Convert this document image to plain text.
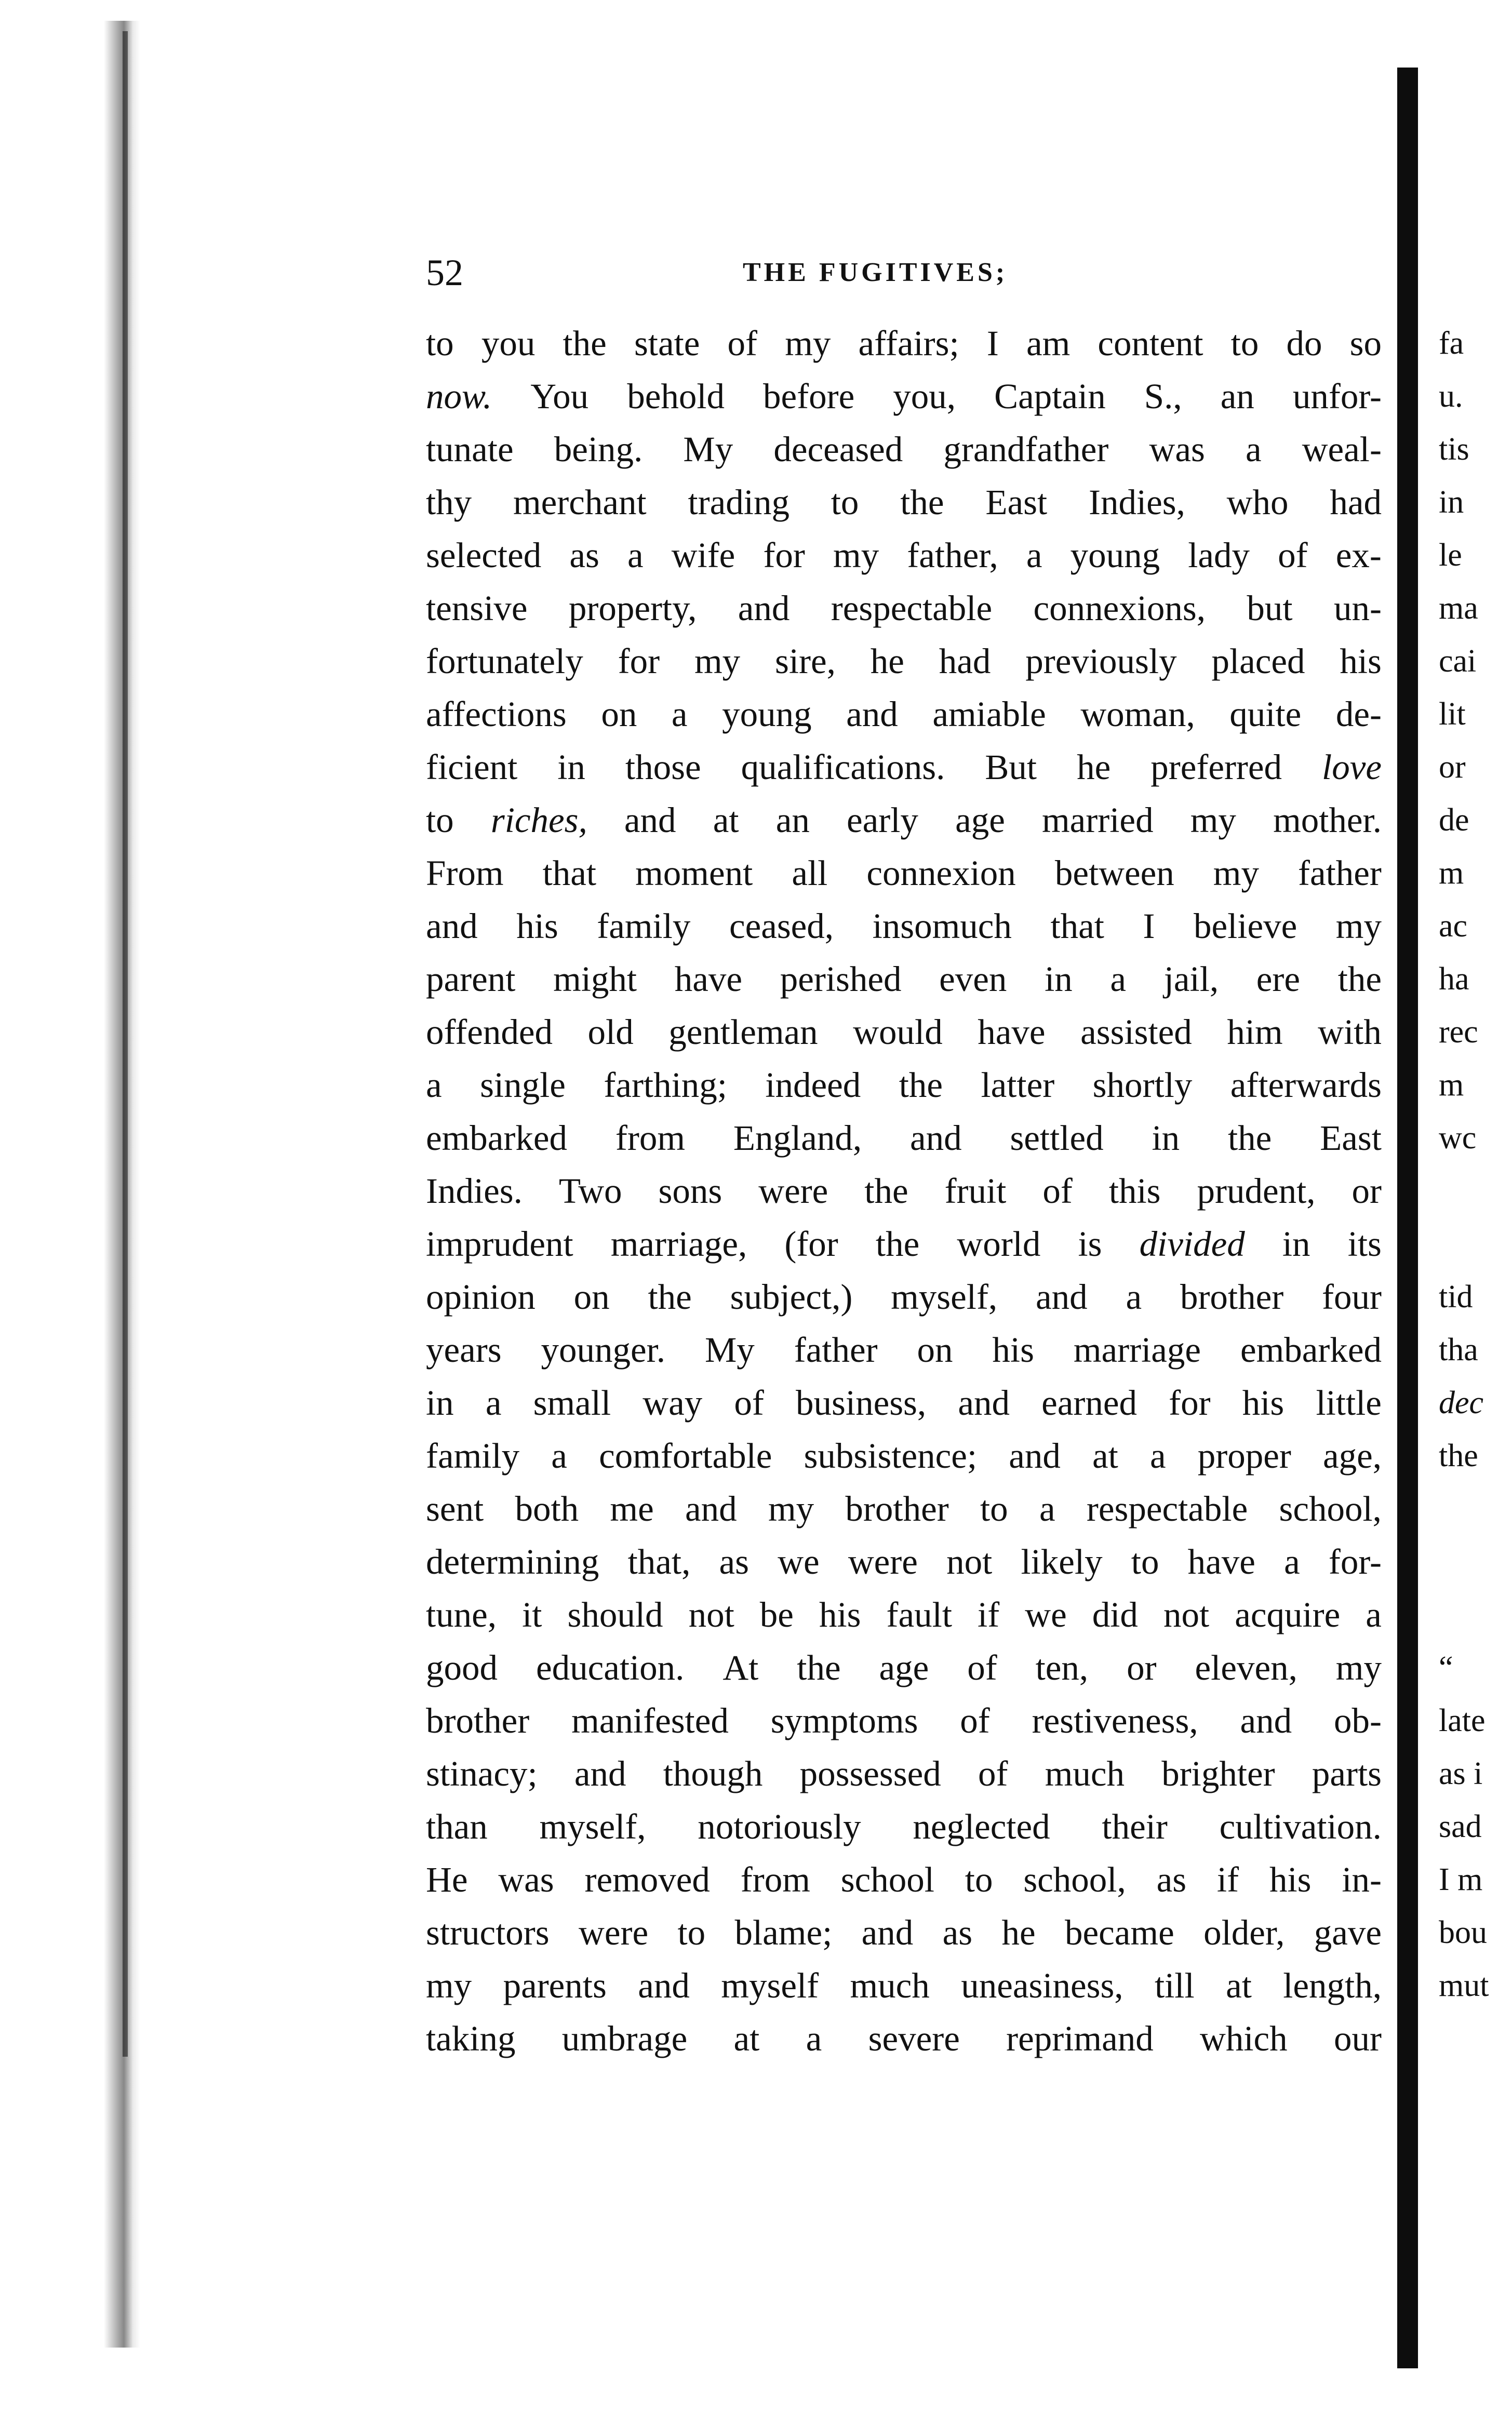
52	THE FUGITIVES;
to you the state of my affairs; I am content to do so
now. You behold before you, Captain S., an unfor-
tunate being. My deceased grandfather was a weal-
thy merchant trading to the East Indies, who had
selected as a wife for my father, a young lady of ex-
tensive property, and respectable connexions, but un-
fortunately for my sire, he had previously placed his
affections on a young and amiable woman, quite de-
ficient in those qualifications. But he preferred love
to riches, and at an early age married my mother.
From that moment all connexion between my father
and his family ceased, insomuch that I believe my
parent might have perished even in a jail, ere the
offended old gentleman would have assisted him with
a single farthing; indeed the latter shortly afterwards
embarked from England, and settled in the East
Indies. Two sons were the fruit of this prudent, or
imprudent marriage, (for the world is divided in its
opinion on the subject,) myself, and a brother four
years younger. My father on his marriage embarked
in a small way of business, and earned for his little
family a comfortable subsistence; and at a proper age,
sent both me and my brother to a respectable school,
determining that, as we were not likely to have a for-
tune, it should not be his fault if we did not acquire a
good education. At the age of ten, or eleven, my
brother manifested symptoms of restiveness, and ob-
stinacy; and though possessed of much brighter parts
than myself, notoriously neglected their cultivation.
He was removed from school to school, as if his in-
structors were to blame; and as he became older, gave
my parents and myself much uneasiness, till at length,
taking umbrage at a severe reprimand which our
fa
u.
tis
in
le
ma
cai
lit
or
de
m
ac
ha
rec
m
wc
tid
tha
dec
the
“
late
as i
sad
I m
bou
mut
